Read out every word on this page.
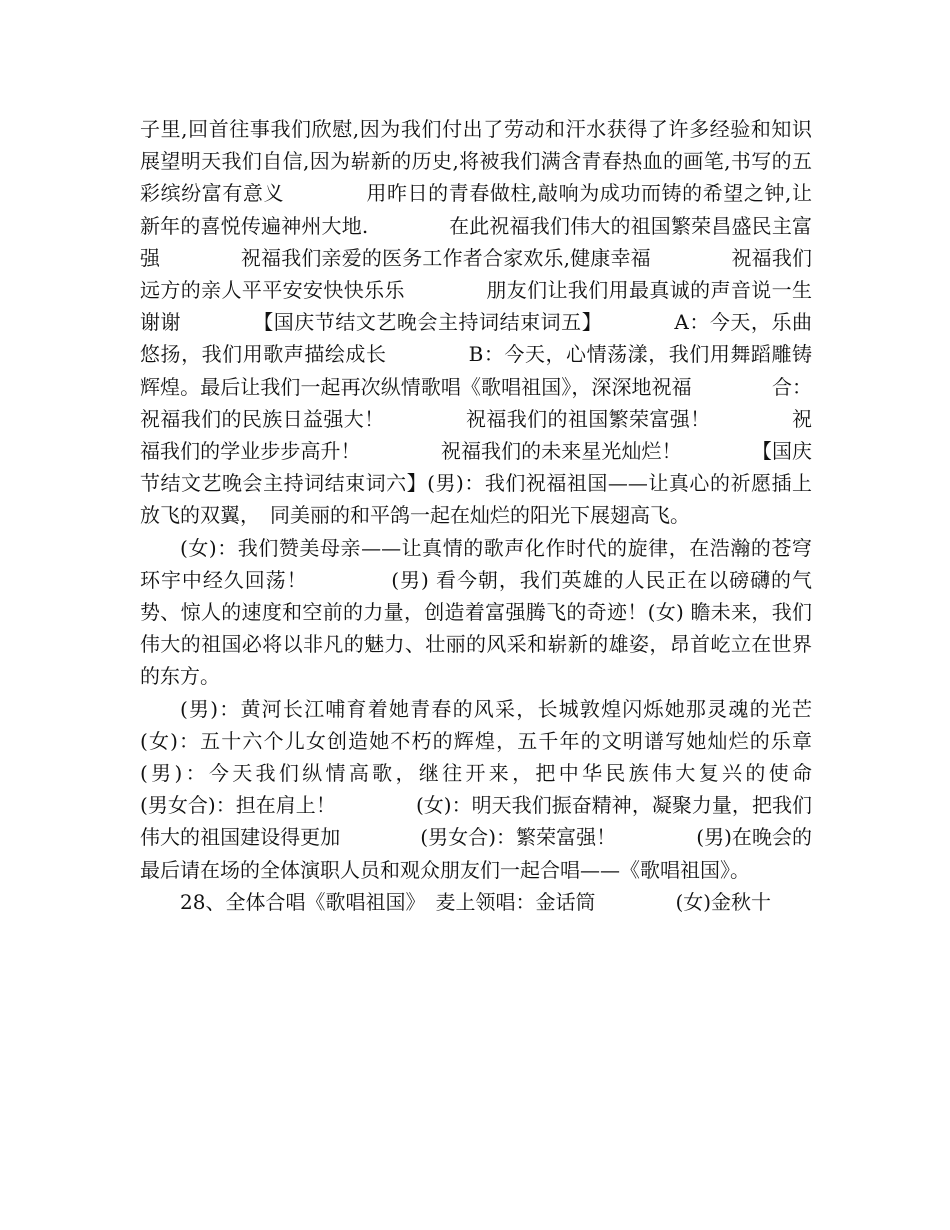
子里,回首往事我们欣慰,因为我们付出了劳动和汗水获得了许多经验和知识　　　　展望明天我们自信,因为崭新的历史,将被我们满含青春热血的画笔,书写的五彩缤纷富有意义　　　　用昨日的青春做柱,敲响为成功而铸的希望之钟,让新年的喜悦传遍神州大地.　　　　在此祝福我们伟大的祖国繁荣昌盛民主富强　　　　祝福我们亲爱的医务工作者合家欢乐,健康幸福　　　　祝福我们远方的亲人平平安安快快乐乐　　　　朋友们让我们用最真诚的声音说一生谢谢　　　　【国庆节结文艺晚会主持词结束词五】　　　　A：今天，乐曲悠扬，我们用歌声描绘成长　　　　B：今天，心情荡漾，我们用舞蹈雕铸辉煌。最后让我们一起再次纵情歌唱《歌唱祖国》，深深地祝福　　　　合：祝福我们的民族日益强大！　　　　祝福我们的祖国繁荣富强！　　　　祝福我们的学业步步高升！　　　　祝福我们的未来星光灿烂！　　　　【国庆节结文艺晚会主持词结束词六】(男)：我们祝福祖国——让真心的祈愿插上放飞的双翼，　同美丽的和平鸽一起在灿烂的阳光下展翅高飞。

(女)：我们赞美母亲——让真情的歌声化作时代的旋律，在浩瀚的苍穹环宇中经久回荡！　　　　(男) 看今朝，我们英雄的人民正在以磅礴的气势、惊人的速度和空前的力量，创造着富强腾飞的奇迹！(女) 瞻未来，我们伟大的祖国必将以非凡的魅力、壮丽的风采和崭新的雄姿，昂首屹立在世界的东方。

(男)：黄河长江哺育着她青春的风采，长城敦煌闪烁她那灵魂的光芒　　　　(女)：五十六个儿女创造她不朽的辉煌，五千年的文明谱写她灿烂的乐章　　　　(男)：今天我们纵情高歌，继往开来，把中华民族伟大复兴的使命　　　　(男女合)：担在肩上！　　　　(女)：明天我们振奋精神，凝聚力量，把我们伟大的祖国建设得更加　　　　(男女合)：繁荣富强！　　　　(男)在晚会的最后请在场的全体演职人员和观众朋友们一起合唱——《歌唱祖国》。

28、全体合唱《歌唱祖国》　麦上领唱：金话筒　　　　(女)金秋十
